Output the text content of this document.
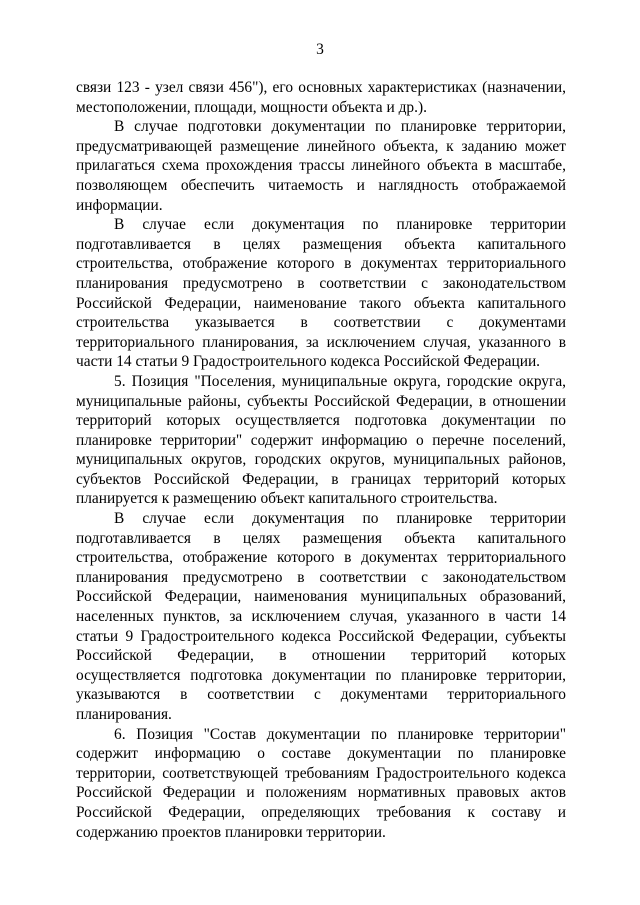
3

связи 123 - узел связи 456"), его основных характеристиках (назначении, местоположении, площади, мощности объекта и др.).

В случае подготовки документации по планировке территории, предусматривающей размещение линейного объекта, к заданию может прилагаться схема прохождения трассы линейного объекта в масштабе, позволяющем обеспечить читаемость и наглядность отображаемой информации.

В случае если документация по планировке территории подготавливается в целях размещения объекта капитального строительства, отображение которого в документах территориального планирования предусмотрено в соответствии с законодательством Российской Федерации, наименование такого объекта капитального строительства указывается в соответствии с документами территориального планирования, за исключением случая, указанного в части 14 статьи 9 Градостроительного кодекса Российской Федерации.

5. Позиция "Поселения, муниципальные округа, городские округа, муниципальные районы, субъекты Российской Федерации, в отношении территорий которых осуществляется подготовка документации по планировке территории" содержит информацию о перечне поселений, муниципальных округов, городских округов, муниципальных районов, субъектов Российской Федерации, в границах территорий которых планируется к размещению объект капитального строительства.

В случае если документация по планировке территории подготавливается в целях размещения объекта капитального строительства, отображение которого в документах территориального планирования предусмотрено в соответствии с законодательством Российской Федерации, наименования муниципальных образований, населенных пунктов, за исключением случая, указанного в части 14 статьи 9 Градостроительного кодекса Российской Федерации, субъекты Российской Федерации, в отношении территорий которых осуществляется подготовка документации по планировке территории, указываются в соответствии с документами территориального планирования.

6. Позиция "Состав документации по планировке территории" содержит информацию о составе документации по планировке территории, соответствующей требованиям Градостроительного кодекса Российской Федерации и положениям нормативных правовых актов Российской Федерации, определяющих требования к составу и содержанию проектов планировки территории.
